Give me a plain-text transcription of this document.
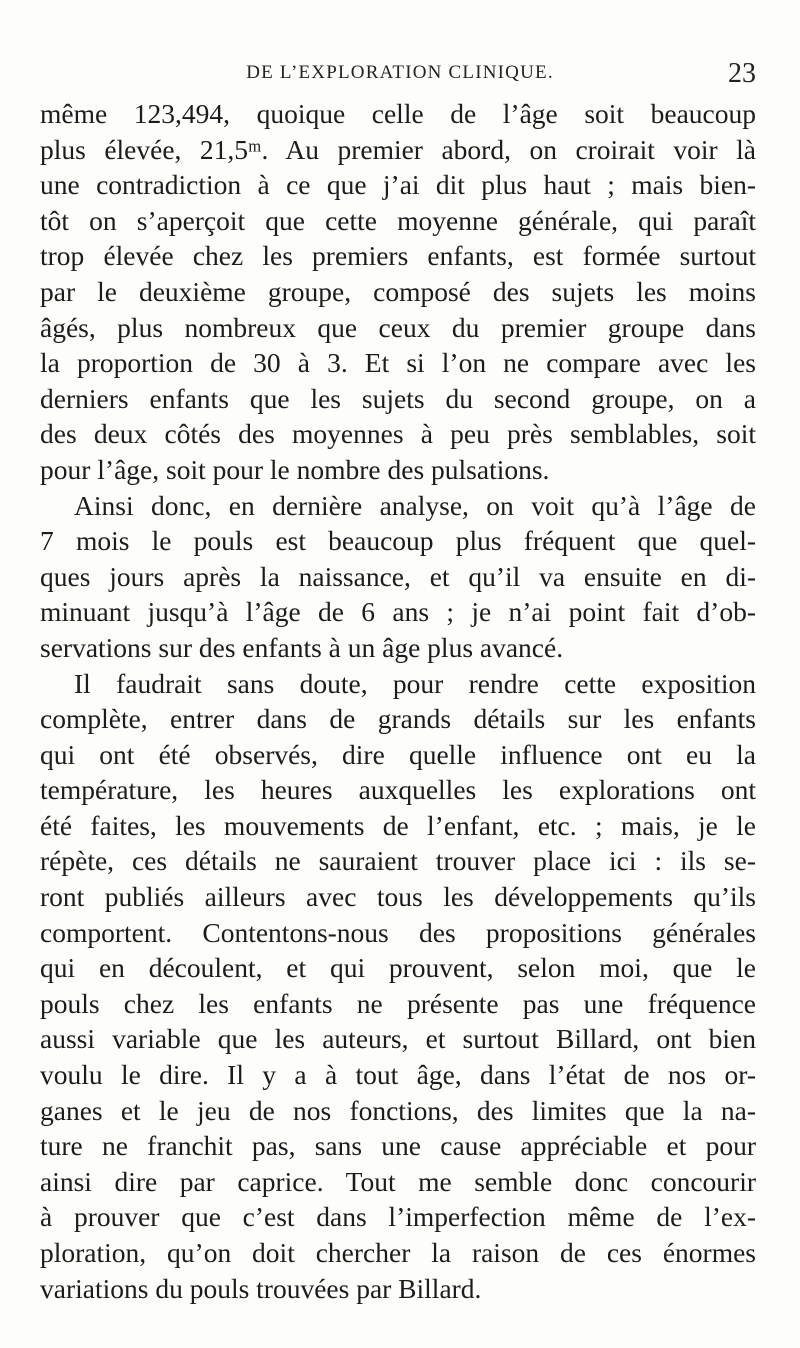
DE L’EXPLORATION CLINIQUE.	23
même 123,494, quoique celle de l’âge soit beaucoup
plus élevée, 21,5ᵐ. Au premier abord, on croirait voir là
une contradiction à ce que j’ai dit plus haut ; mais bien-
tôt on s’aperçoit que cette moyenne générale, qui paraît
trop élevée chez les premiers enfants, est formée surtout
par le deuxième groupe, composé des sujets les moins
âgés, plus nombreux que ceux du premier groupe dans
la proportion de 30 à 3. Et si l’on ne compare avec les
derniers enfants que les sujets du second groupe, on a
des deux côtés des moyennes à peu près semblables, soit
pour l’âge, soit pour le nombre des pulsations.
Ainsi donc, en dernière analyse, on voit qu’à l’âge de
7 mois le pouls est beaucoup plus fréquent que quel-
ques jours après la naissance, et qu’il va ensuite en di-
minuant jusqu’à l’âge de 6 ans ; je n’ai point fait d’ob-
servations sur des enfants à un âge plus avancé.
Il faudrait sans doute, pour rendre cette exposition
complète, entrer dans de grands détails sur les enfants
qui ont été observés, dire quelle influence ont eu la
température, les heures auxquelles les explorations ont
été faites, les mouvements de l’enfant, etc. ; mais, je le
répète, ces détails ne sauraient trouver place ici : ils se-
ront publiés ailleurs avec tous les développements qu’ils
comportent. Contentons-nous des propositions générales
qui en découlent, et qui prouvent, selon moi, que le
pouls chez les enfants ne présente pas une fréquence
aussi variable que les auteurs, et surtout Billard, ont bien
voulu le dire. Il y a à tout âge, dans l’état de nos or-
ganes et le jeu de nos fonctions, des limites que la na-
ture ne franchit pas, sans une cause appréciable et pour
ainsi dire par caprice. Tout me semble donc concourir
à prouver que c’est dans l’imperfection même de l’ex-
ploration, qu’on doit chercher la raison de ces énormes
variations du pouls trouvées par Billard.
